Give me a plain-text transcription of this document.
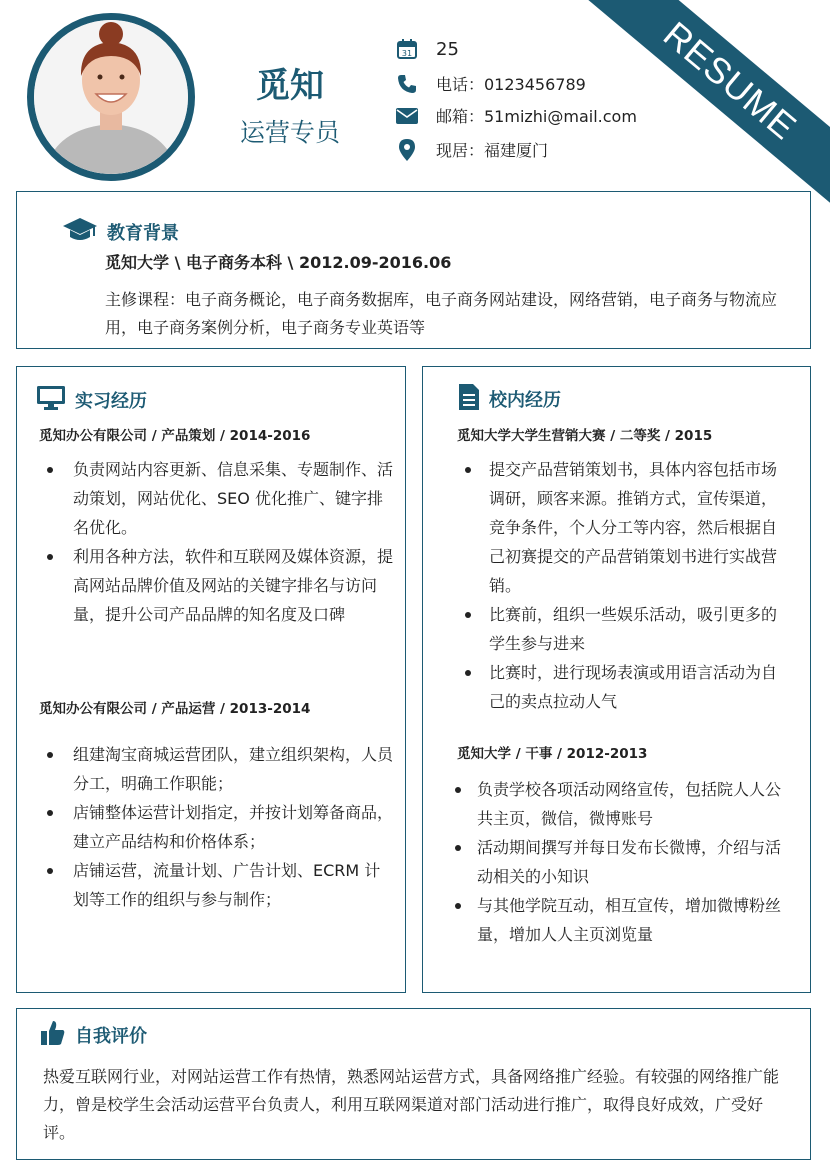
RESUME
觅知
运营专员
31 25
电话：0123456789
邮箱：51mizhi@mail.com
现居：福建厦门
教育背景
觅知大学 \ 电子商务本科 \ 2012.09-2016.06
主修课程：电子商务概论，电子商务数据库，电子商务网站建设，网络营销，电子商务与物流应用，电子商务案例分析，电子商务专业英语等
实习经历
觅知办公有限公司 / 产品策划 / 2014-2016
负责网站内容更新、信息采集、专题制作、活动策划，网站优化、SEO 优化推广、键字排名优化。
利用各种方法，软件和互联网及媒体资源，提高网站品牌价值及网站的关键字排名与访问量，提升公司产品品牌的知名度及口碑
觅知办公有限公司 / 产品运营 / 2013-2014
组建淘宝商城运营团队，建立组织架构，人员分工，明确工作职能；
店铺整体运营计划指定，并按计划筹备商品，建立产品结构和价格体系；
店铺运营，流量计划、广告计划、ECRM 计划等工作的组织与参与制作；
校内经历
觅知大学大学生营销大赛 / 二等奖 / 2015
提交产品营销策划书，具体内容包括市场调研，顾客来源。推销方式，宣传渠道，竞争条件，个人分工等内容，然后根据自己初赛提交的产品营销策划书进行实战营销。
比赛前，组织一些娱乐活动，吸引更多的学生参与进来
比赛时，进行现场表演或用语言活动为自己的卖点拉动人气
觅知大学 / 干事 / 2012-2013
负责学校各项活动网络宣传，包括院人人公共主页，微信，微博账号
活动期间撰写并每日发布长微博，介绍与活动相关的小知识
与其他学院互动，相互宣传，增加微博粉丝量，增加人人主页浏览量
自我评价
热爱互联网行业，对网站运营工作有热情，熟悉网站运营方式，具备网络推广经验。有较强的网络推广能力，曾是校学生会活动运营平台负责人，利用互联网渠道对部门活动进行推广，取得良好成效，广受好评。
